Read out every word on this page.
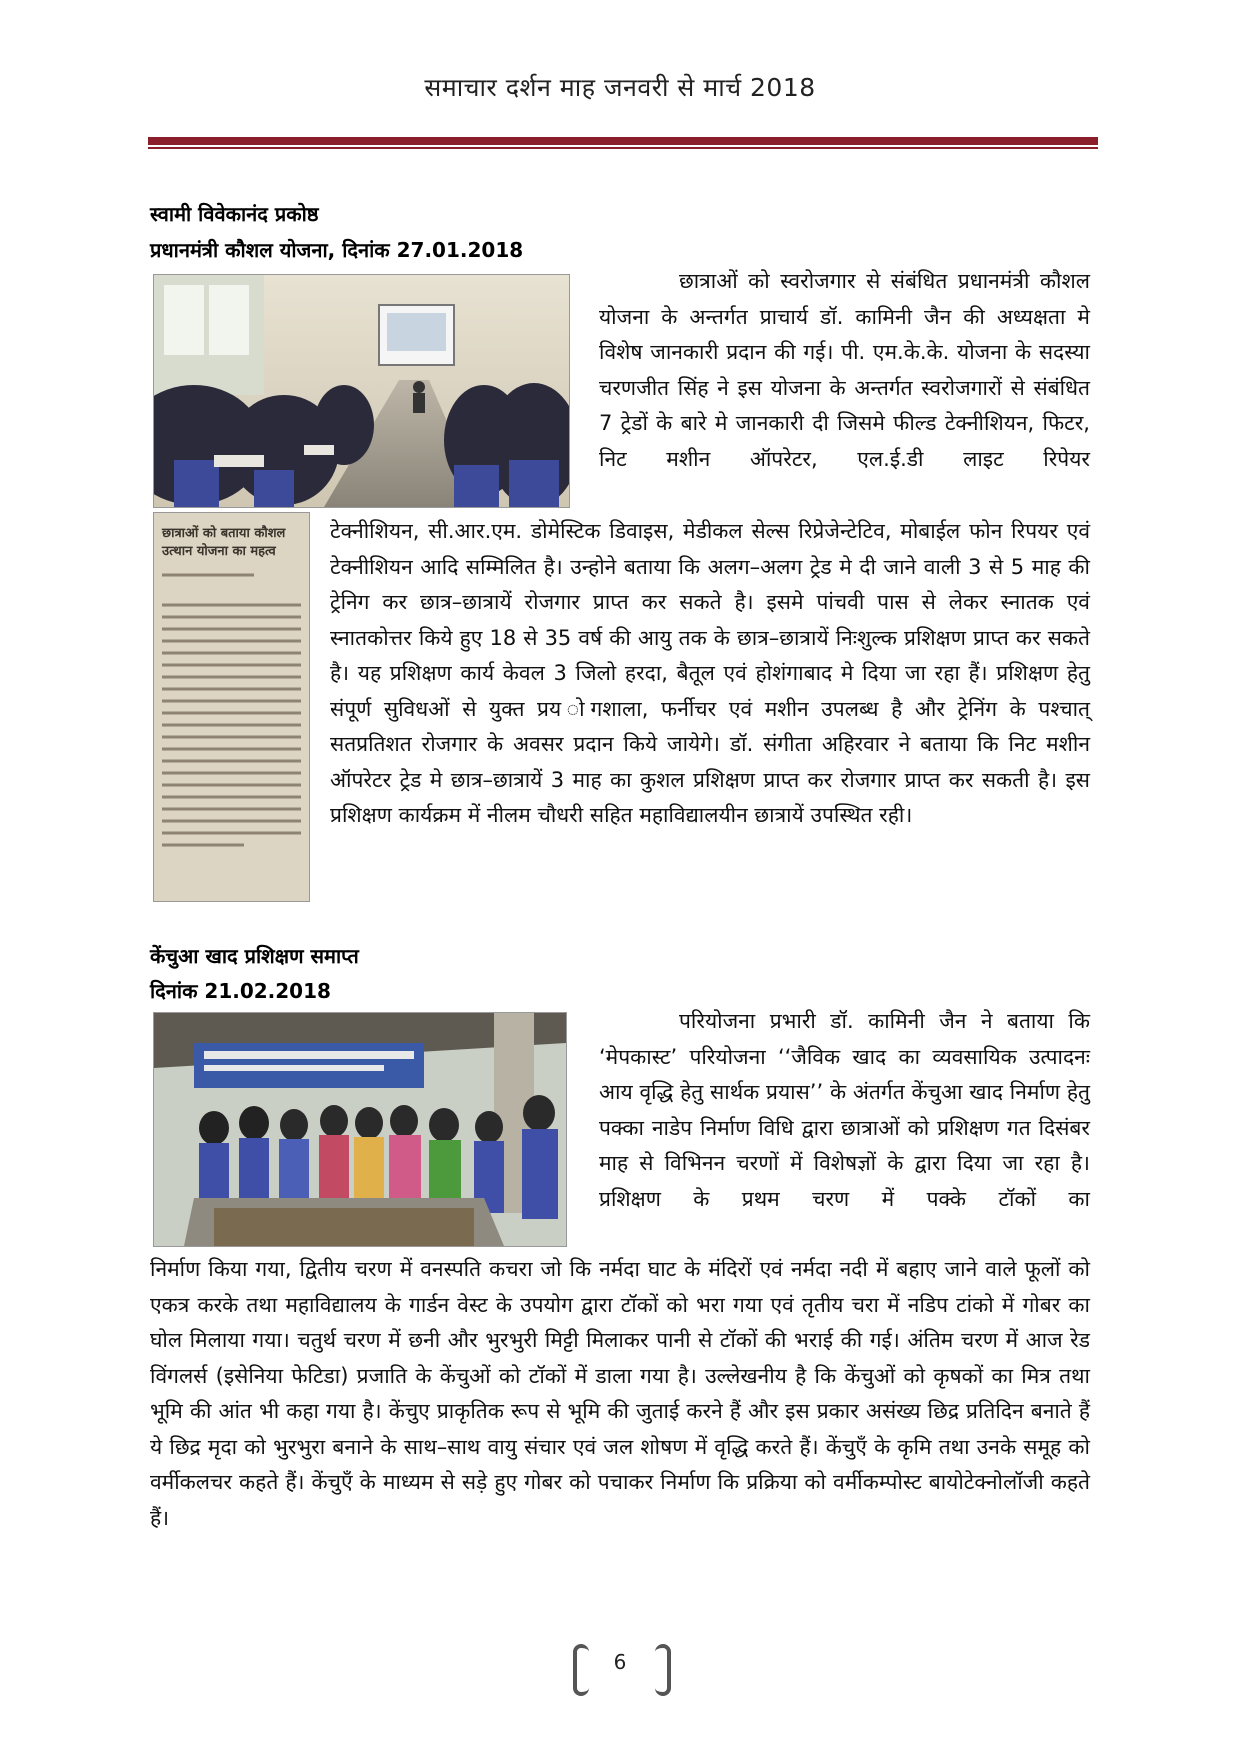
समाचार दर्शन माह जनवरी से मार्च 2018
स्वामी विवेकानंद प्रकोष्ठ
प्रधानमंत्री कौशल योजना, दिनांक 27.01.2018
छात्राओं को स्वरोजगार से संबंधित प्रधानमंत्री कौशल योजना के अन्तर्गत प्राचार्य डॉ. कामिनी जैन की अध्यक्षता मे विशेष जानकारी प्रदान की गई। पी. एम.के.के. योजना के सदस्या चरणजीत सिंह ने इस योजना के अन्तर्गत स्वरोजगारों से संबंधित 7 ट्रेडों के बारे मे जानकारी दी जिसमे फील्ड टेक्नीशियन, फिटर, निट मशीन ऑपरेटर, एल.ई.डी लाइट रिपेयर
छात्राओं को बताया कौशल उत्थान योजना का महत्व
टेक्नीशियन, सी.आर.एम. डोमेस्टिक डिवाइस, मेडीकल सेल्स रिप्रेजेन्टेटिव, मोबाईल फोन रिपयर एवं टेक्नीशियन आदि सम्मिलित है। उन्होने बताया कि अलग–अलग ट्रेड मे दी जाने वाली 3 से 5 माह की ट्रेनिग कर छात्र–छात्रायें रोजगार प्राप्त कर सकते है। इसमे पांचवी पास से लेकर स्नातक एवं स्नातकोत्तर किये हुए 18 से 35 वर्ष की आयु तक के छात्र–छात्रायें निःशुल्क प्रशिक्षण प्राप्त कर सकते है। यह प्रशिक्षण कार्य केवल 3 जिलो हरदा, बैतूल एवं होशंगाबाद मे दिया जा रहा हैं। प्रशिक्षण हेतु संपूर्ण सुविधओं से युक्त प्रय ोगशाला, फर्नीचर एवं मशीन उपलब्ध है और ट्रेनिंग के पश्चात् सतप्रतिशत रोजगार के अवसर प्रदान किये जायेगे। डॉ. संगीता अहिरवार ने बताया कि निट मशीन ऑपरेटर ट्रेड मे छात्र–छात्रायें 3 माह का कुशल प्रशिक्षण प्राप्त कर रोजगार प्राप्त कर सकती है। इस प्रशिक्षण कार्यक्रम में नीलम चौधरी सहित महाविद्यालयीन छात्रायें उपस्थित रही।
केंचुआ खाद प्रशिक्षण समाप्त
दिनांक 21.02.2018
परियोजना प्रभारी डॉ. कामिनी जैन ने बताया कि ‘मेपकास्ट’ परियोजना ‘‘जैविक खाद का व्यवसायिक उत्पादनः आय वृद्धि हेतु सार्थक प्रयास’’ के अंतर्गत केंचुआ खाद निर्माण हेतु पक्का नाडेप निर्माण विधि द्वारा छात्राओं को प्रशिक्षण गत दिसंबर माह से विभिनन चरणों में विशेषज्ञों के द्वारा दिया जा रहा है। प्रशिक्षण के प्रथम चरण में पक्के टॉकों का
निर्माण किया गया, द्वितीय चरण में वनस्पति कचरा जो कि नर्मदा घाट के मंदिरों एवं नर्मदा नदी में बहाए जाने वाले फूलों को एकत्र करके तथा महाविद्यालय के गार्डन वेस्ट के उपयोग द्वारा टॉकों को भरा गया एवं तृतीय चरा में नडिप टांको में गोबर का घोल मिलाया गया। चतुर्थ चरण में छनी और भुरभुरी मिट्टी मिलाकर पानी से टॉकों की भराई की गई। अंतिम चरण में आज रेड विंगलर्स (इसेनिया फेटिडा) प्रजाति के केंचुओं को टॉकों में डाला गया है। उल्लेखनीय है कि केंचुओं को कृषकों का मित्र तथा भूमि की आंत भी कहा गया है। केंचुए प्राकृतिक रूप से भूमि की जुताई करने हैं और इस प्रकार असंख्य छिद्र प्रतिदिन बनाते हैं ये छिद्र मृदा को भुरभुरा बनाने के साथ–साथ वायु संचार एवं जल शोषण में वृद्धि करते हैं। केंचुएँ के कृमि तथा उनके समूह को वर्मीकलचर कहते हैं। केंचुएँ के माध्यम से सड़े हुए गोबर को पचाकर निर्माण कि प्रक्रिया को वर्मीकम्पोस्ट बायोटेक्नोलॉजी कहते हैं।
6
